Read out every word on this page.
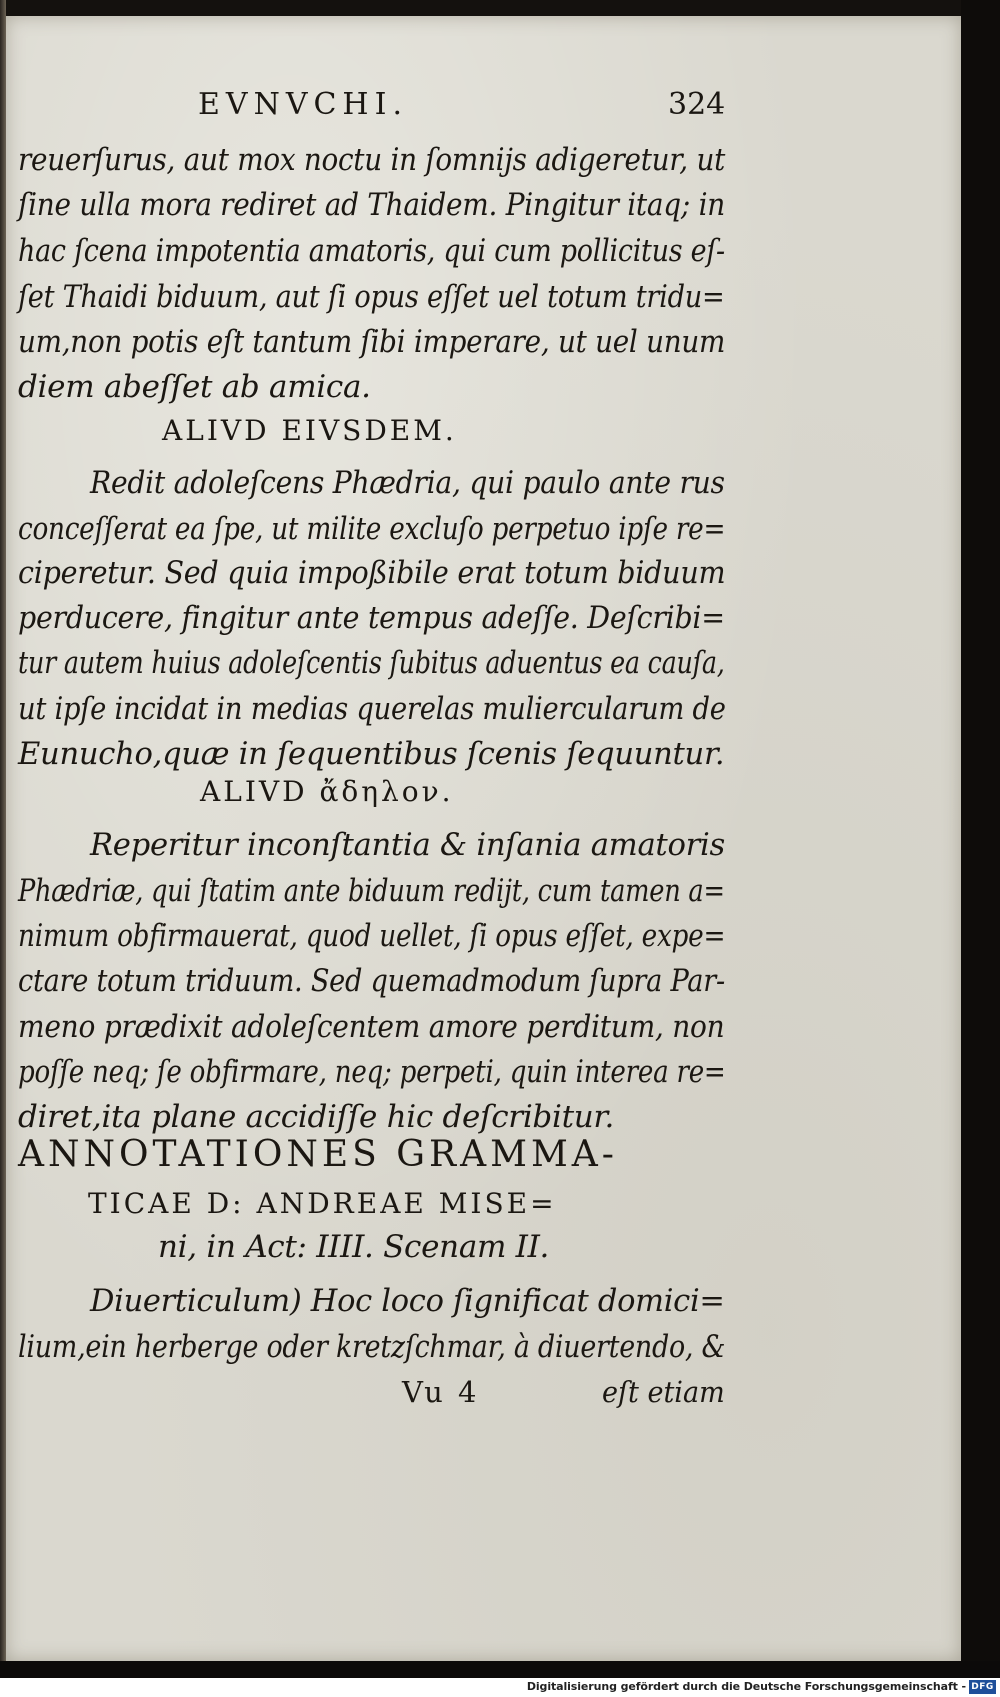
EVNVCHI.	324
reuerſurus, aut mox noctu in ſomnijs adigeretur, ut
ſine ulla mora rediret ad Thaidem. Pingitur itaq; in
hac ſcena impotentia amatoris, qui cum pollicitus eſ-
ſet Thaidi biduum, aut ſi opus eſſet uel totum tridu=
um,non potis eſt tantum ſibi imperare, ut uel unum
diem abeſſet ab amica.
ALIVD EIVSDEM.
Redit adoleſcens Phædria, qui paulo ante rus
conceſſerat ea ſpe, ut milite excluſo perpetuo ipſe re=
ciperetur. Sed quia impoßibile erat totum biduum
perducere, fingitur ante tempus adeſſe. Deſcribi=
tur autem huius adoleſcentis ſubitus aduentus ea cauſa,
ut ipſe incidat in medias querelas muliercularum de
Eunucho,quæ in ſequentibus ſcenis ſequuntur.
ALIVD ἄδηλον.
Reperitur inconſtantia & inſania amatoris
Phædriæ, qui ſtatim ante biduum redijt, cum tamen a=
nimum obfirmauerat, quod uellet, ſi opus eſſet, expe=
ctare totum triduum. Sed quemadmodum ſupra Par-
meno prædixit adoleſcentem amore perditum, non
poſſe neq; ſe obfirmare, neq; perpeti, quin interea re=
diret,ita plane accidiſſe hic deſcribitur.
ANNOTATIONES GRAMMA-
TICAE D: ANDREAE MISE=
ni, in Act: IIII. Scenam II.
Diuerticulum) Hoc loco ſignificat domici=
lium,ein herberge oder kretzſchmar, à diuertendo, &
Vu 4	eſt etiam
Digitalisierung gefördert durch die Deutsche Forschungsgemeinschaft - DFG
